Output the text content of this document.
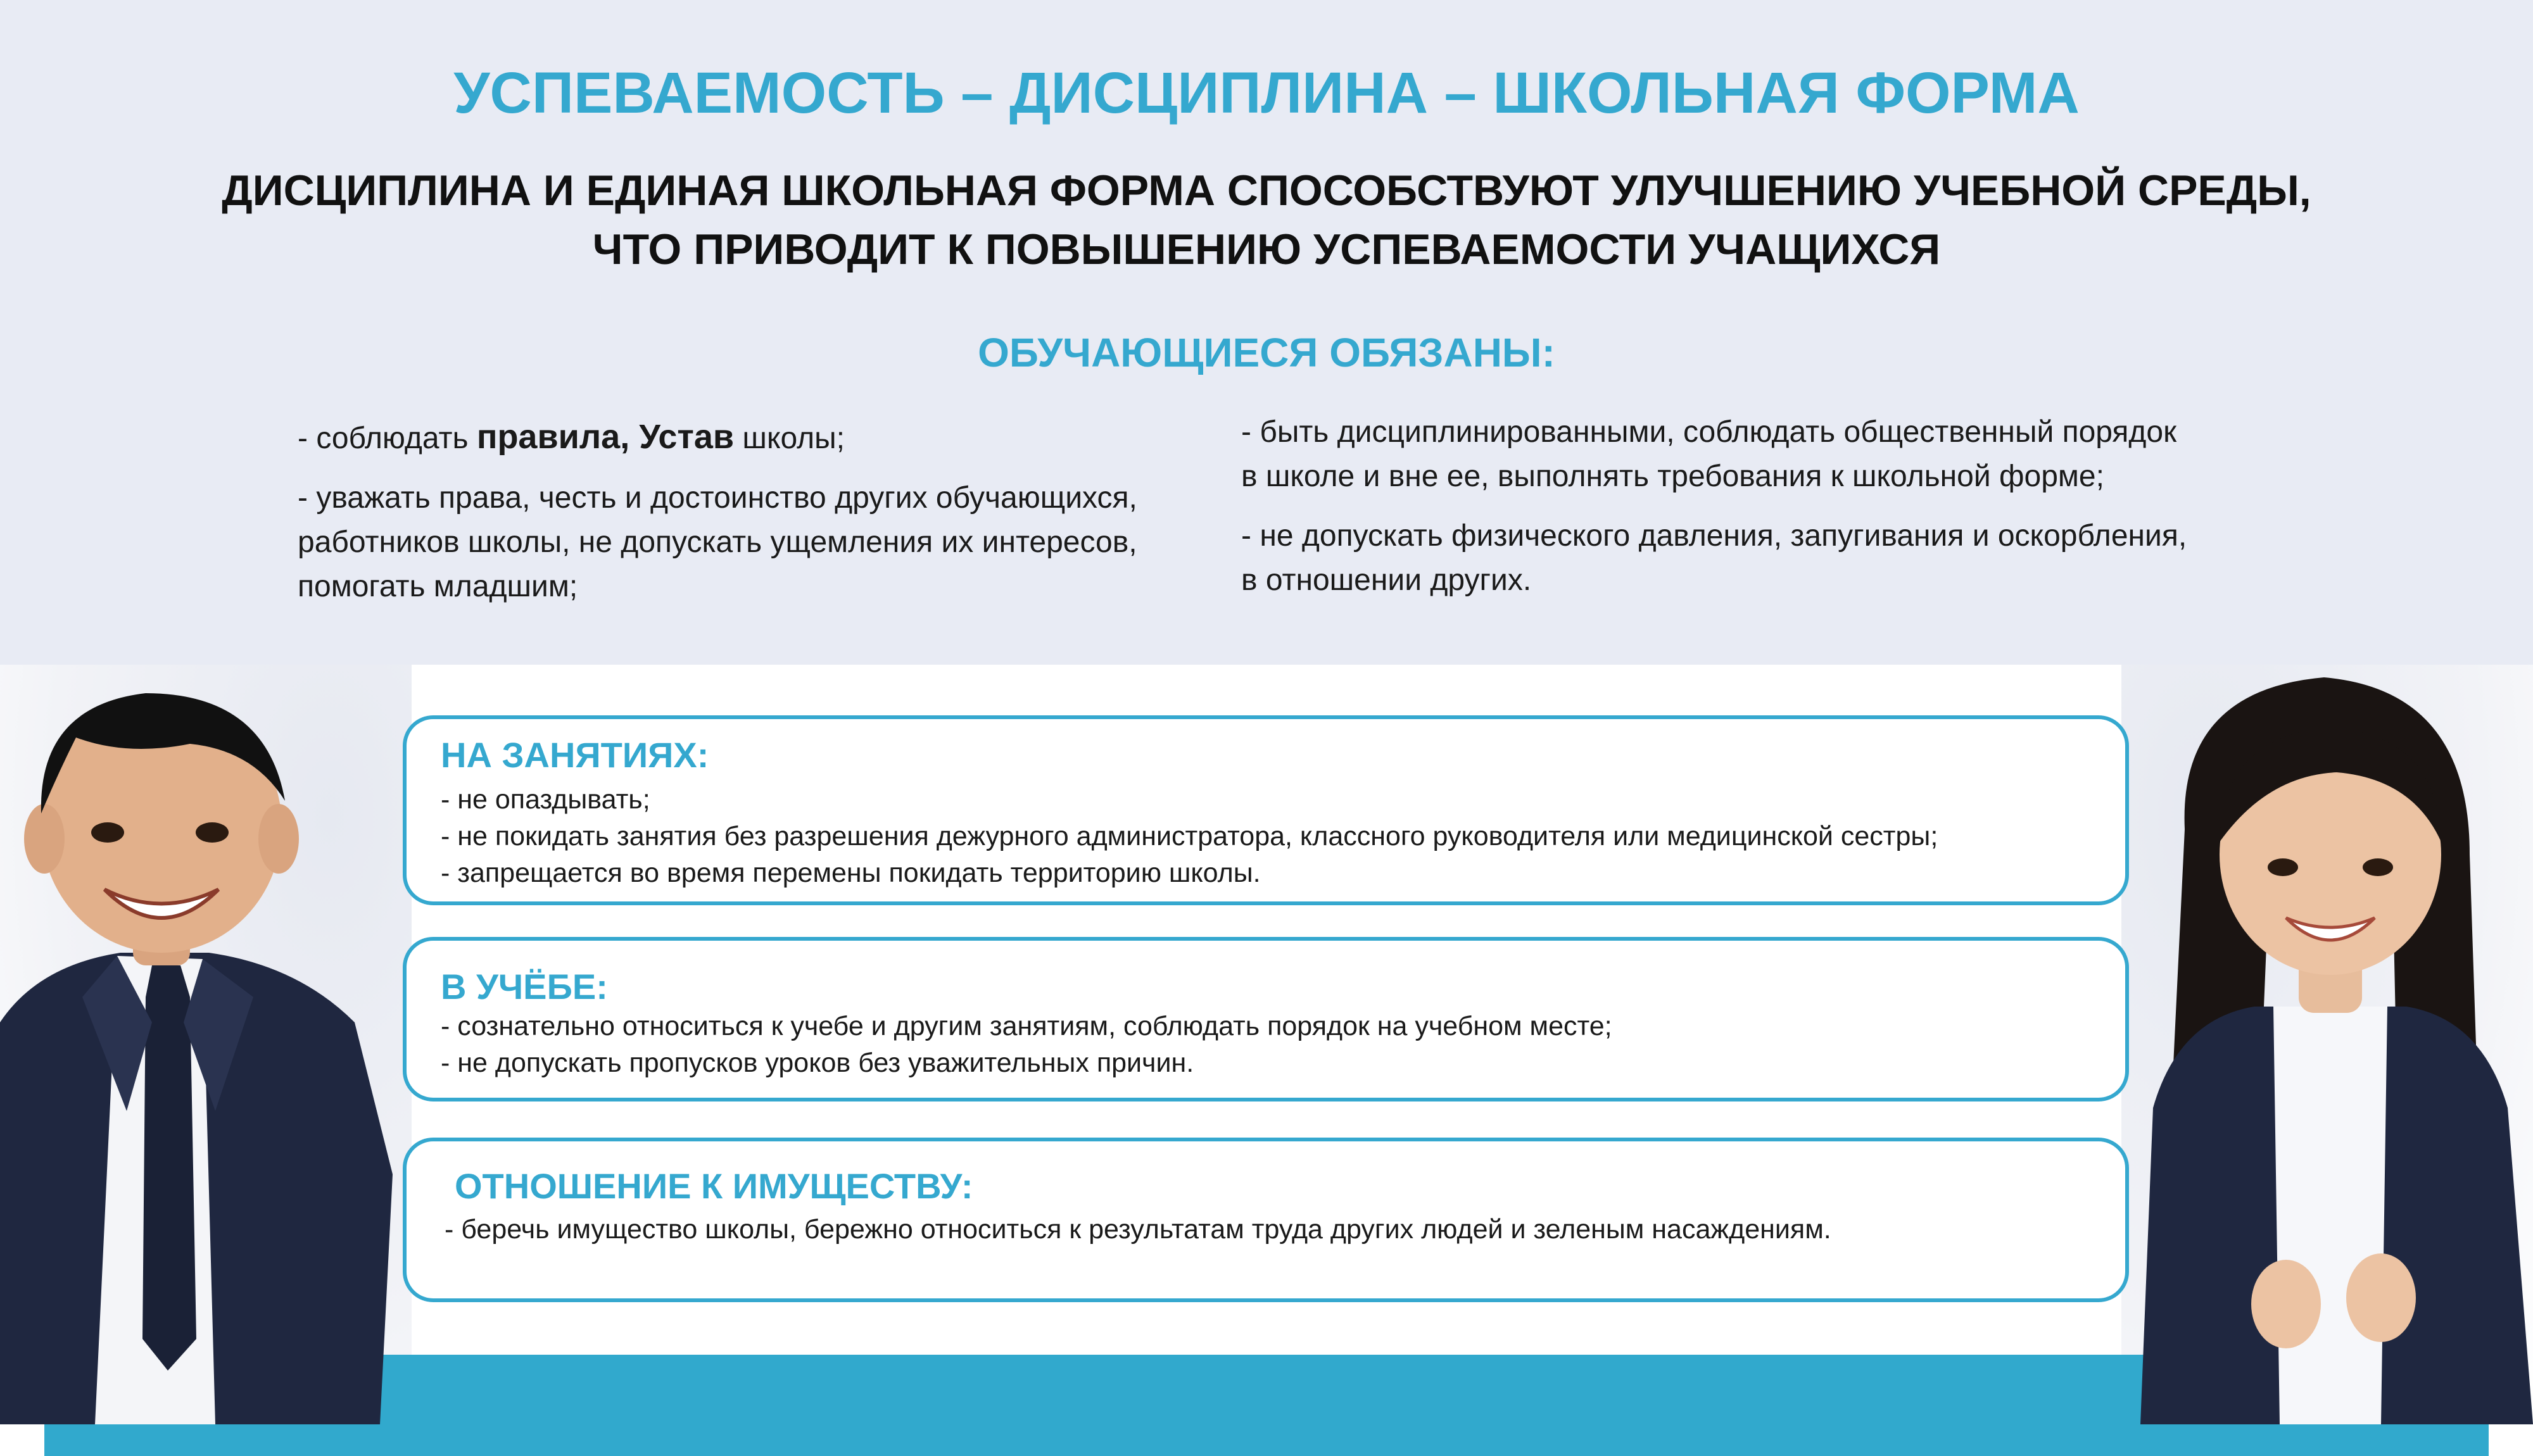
УСПЕВАЕМОСТЬ – ДИСЦИПЛИНА – ШКОЛЬНАЯ ФОРМА
ДИСЦИПЛИНА И ЕДИНАЯ ШКОЛЬНАЯ ФОРМА СПОСОБСТВУЮТ УЛУЧШЕНИЮ УЧЕБНОЙ СРЕДЫ,
ЧТО ПРИВОДИТ К ПОВЫШЕНИЮ УСПЕВАЕМОСТИ УЧАЩИХСЯ
ОБУЧАЮЩИЕСЯ ОБЯЗАНЫ:
- соблюдать правила, Устав школы;
- уважать права, честь и достоинство других обучающихся,
работников школы, не допускать ущемления их интересов,
помогать младшим;
- быть дисциплинированными, соблюдать общественный порядок
в школе и вне ее, выполнять требования к школьной форме;
- не допускать физического давления, запугивания и оскорбления,
в отношении других.
НА ЗАНЯТИЯХ:
- не опаздывать;
- не покидать занятия без разрешения дежурного администратора, классного руководителя или медицинской сестры;
- запрещается во время перемены покидать территорию школы.
В УЧЁБЕ:
- сознательно относиться к учебе и другим занятиям, соблюдать порядок на учебном месте;
- не допускать пропусков уроков без уважительных причин.
ОТНОШЕНИЕ К ИМУЩЕСТВУ:
- беречь имущество школы, бережно относиться к результатам труда других людей и зеленым насаждениям.
